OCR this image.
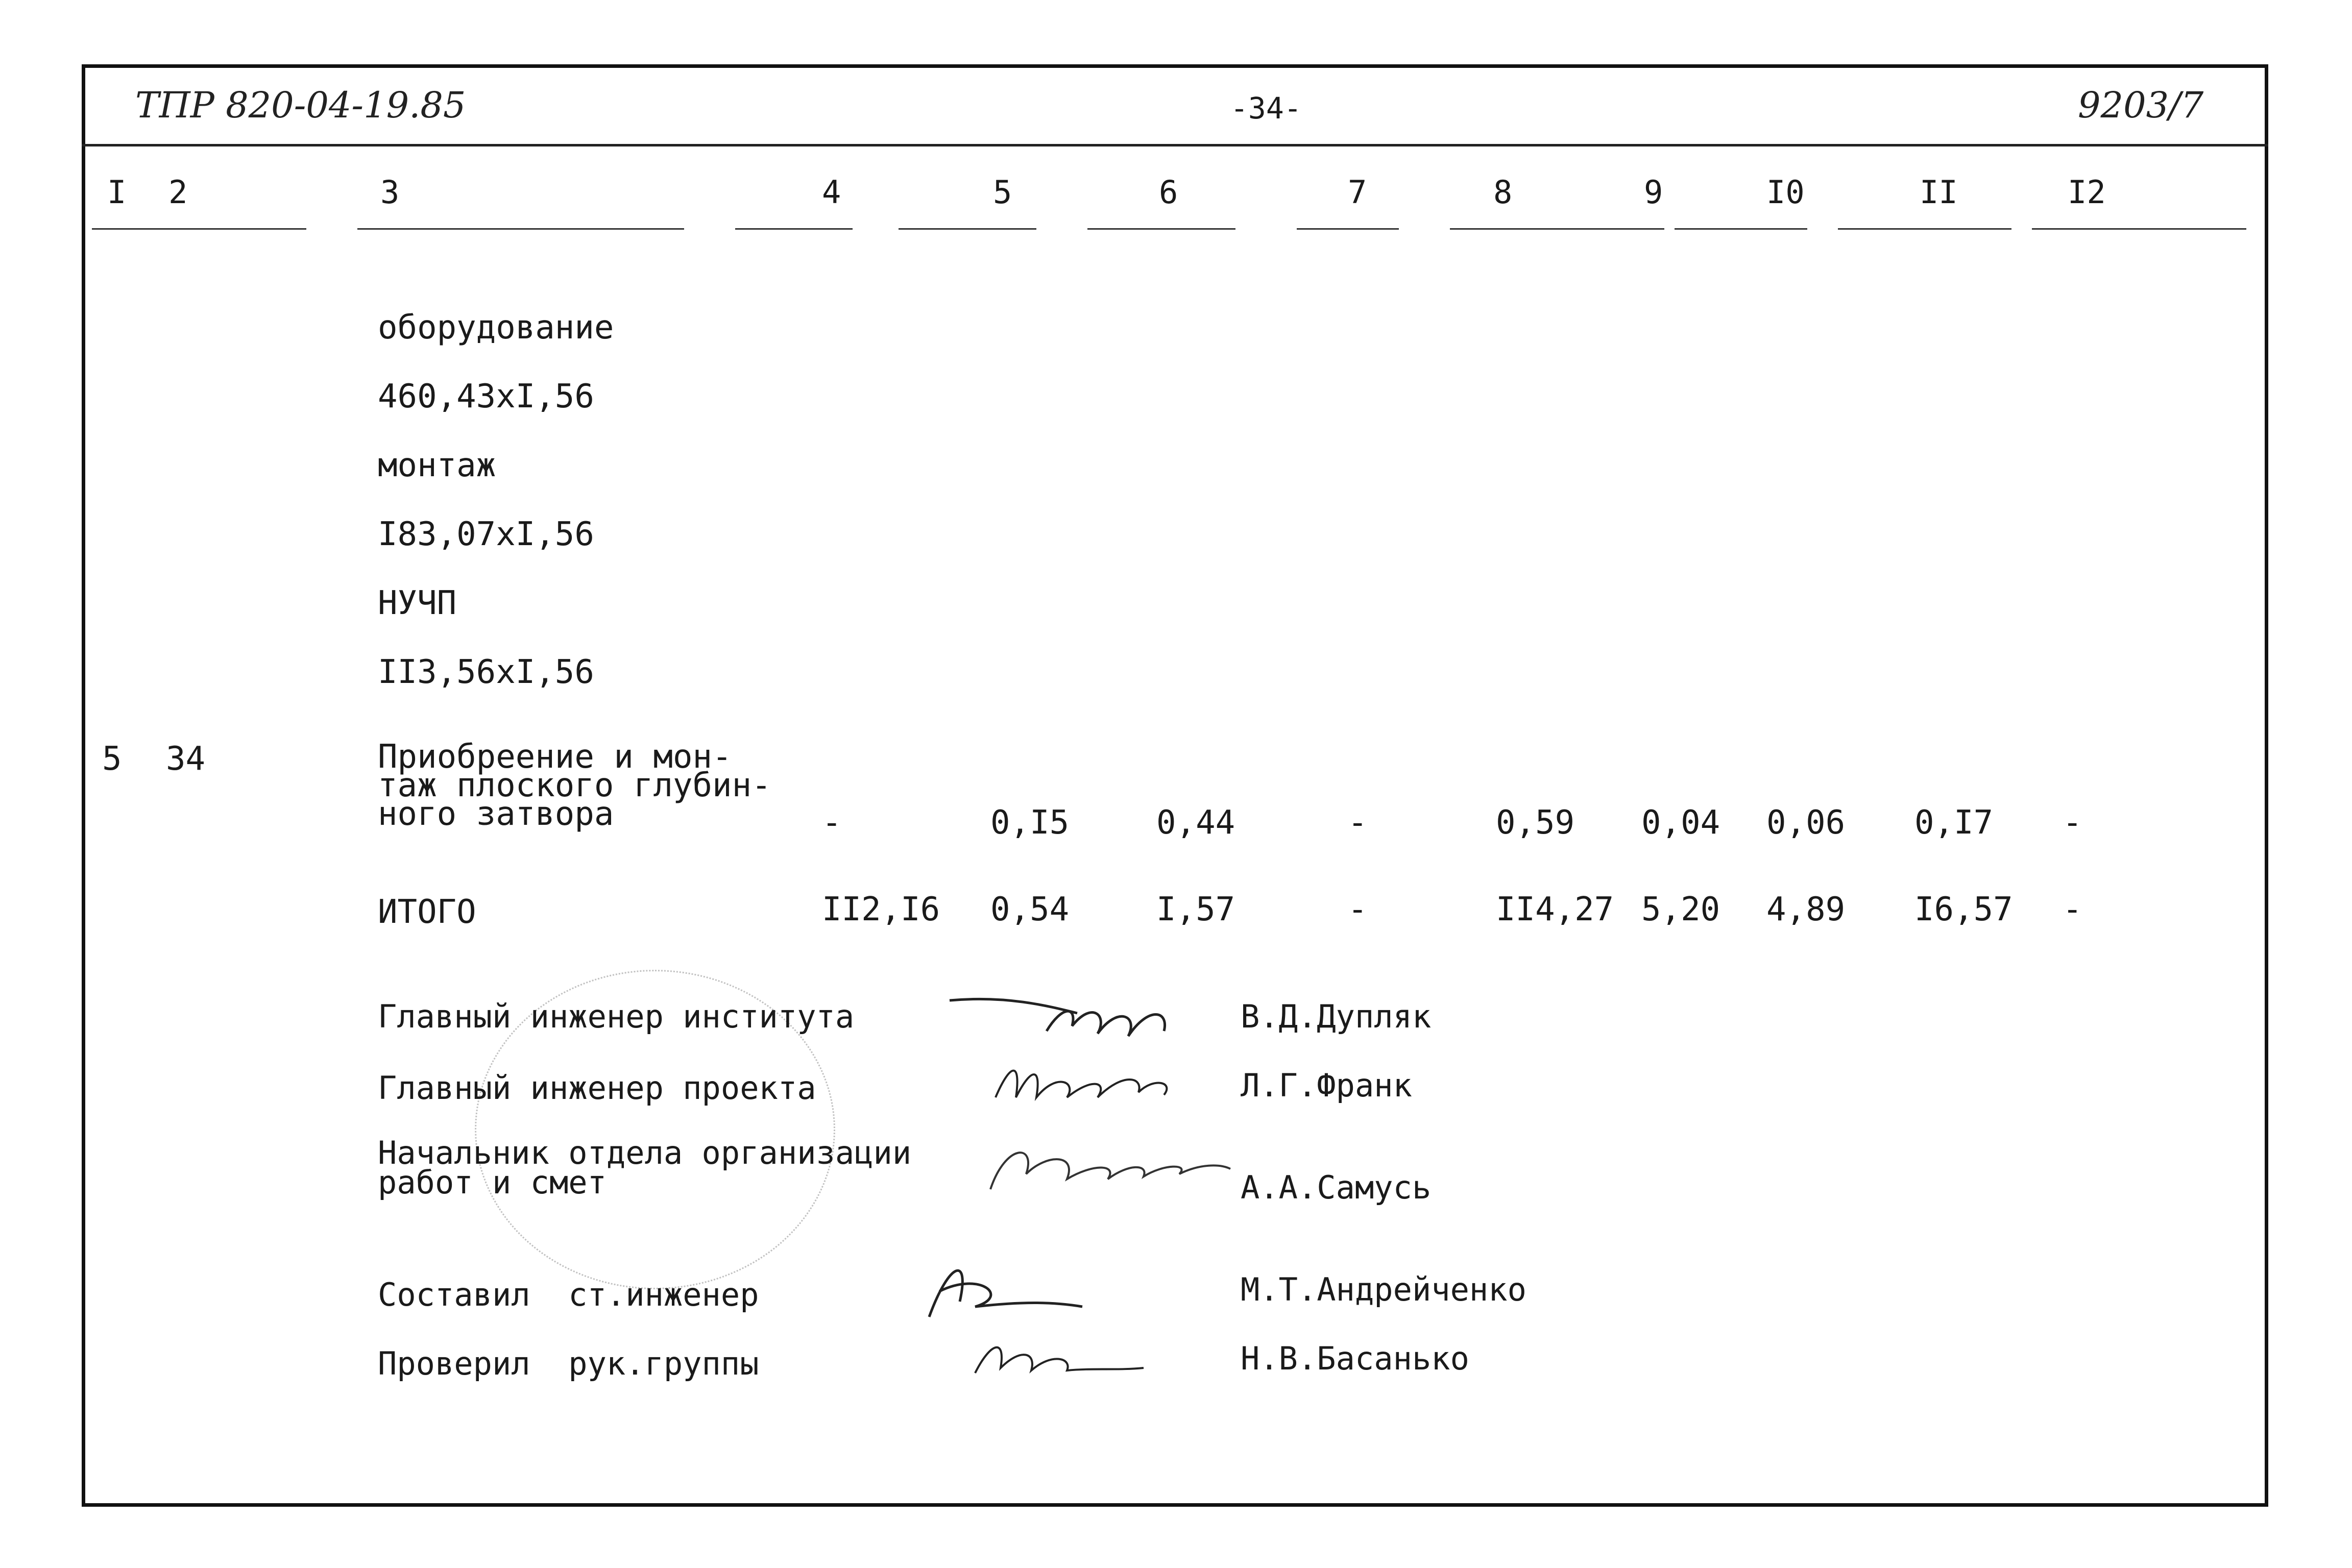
ТПР 820-04-19.85	-34-	9203/7
I 2	3	4	5	6	7	8	9	I0	II	I2
оборудование
460,43xI,56
монтаж
I83,07xI,56
НУЧП
II3,56xI,56
5 34	Приобреение и мон-
таж плоского глубин-
ного затвора	-	0,I5	0,44	-	0,59 0,04 0,06 0,I7 -
ИТОГО	II2,I6 0,54	I,57	-	II4,27 5,20 4,89 I6,57 -
Главный инженер института	В.Д.Дупляк
Главный инженер проекта	Л.Г.Франк
Начальник отдела организации работ и смет	А.А.Самусь
Составил  ст.инженер	М.Т.Андрейченко
Проверил  рук.группы	Н.В.Басанько
